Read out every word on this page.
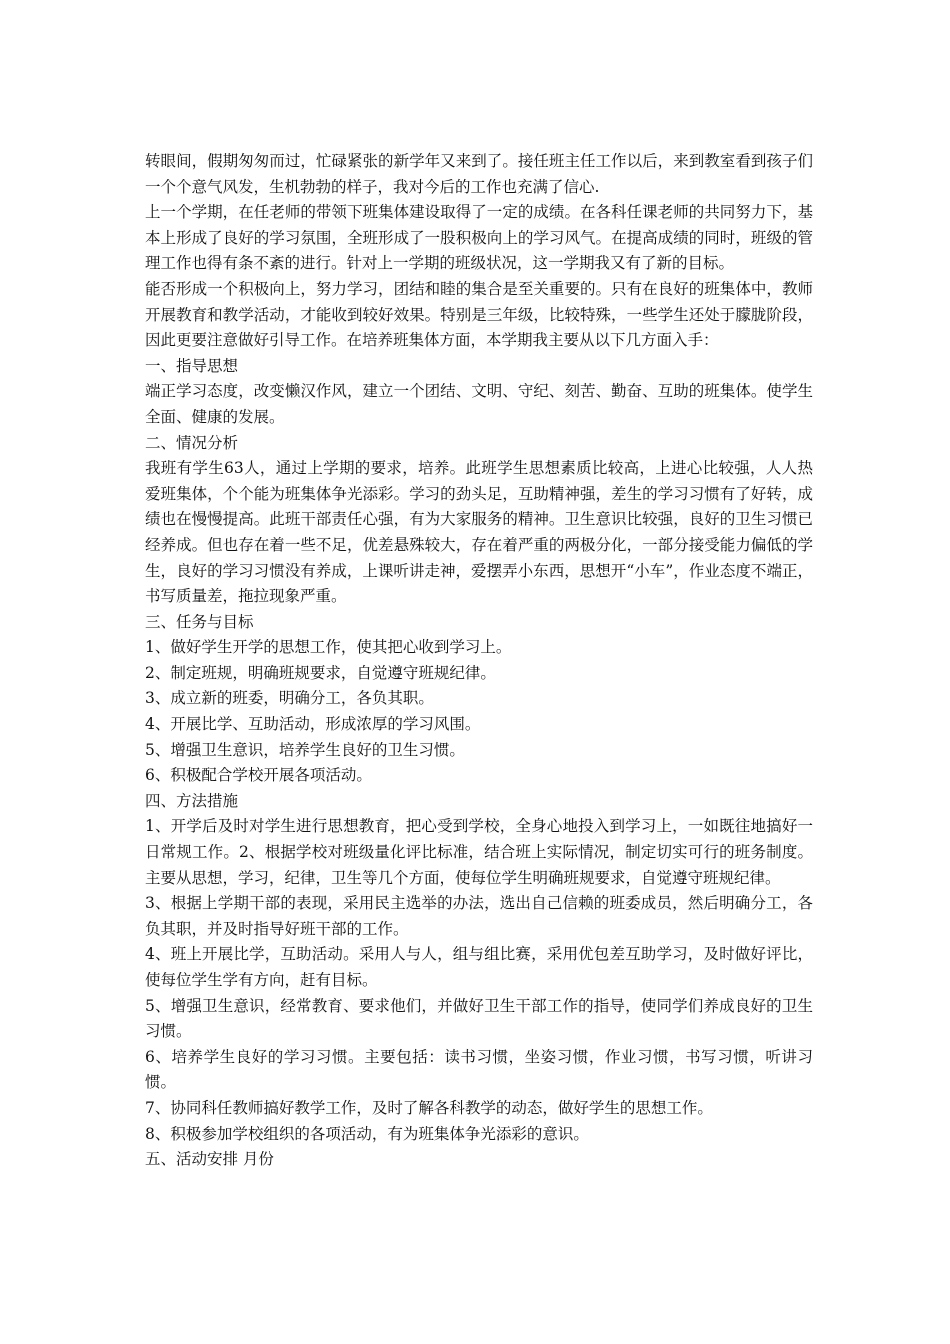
转眼间，假期匆匆而过，忙碌紧张的新学年又来到了。接任班主任工作以后，来到教室看到孩子们一个个意气风发，生机勃勃的样子，我对今后的工作也充满了信心.

上一个学期，在任老师的带领下班集体建设取得了一定的成绩。在各科任课老师的共同努力下，基本上形成了良好的学习氛围，全班形成了一股积极向上的学习风气。在提高成绩的同时，班级的管理工作也得有条不紊的进行。针对上一学期的班级状况，这一学期我又有了新的目标。

能否形成一个积极向上，努力学习，团结和睦的集合是至关重要的。只有在良好的班集体中，教师开展教育和教学活动，才能收到较好效果。特别是三年级，比较特殊，一些学生还处于朦胧阶段，因此更要注意做好引导工作。在培养班集体方面，本学期我主要从以下几方面入手：

一、指导思想

端正学习态度，改变懒汉作风，建立一个团结、文明、守纪、刻苦、勤奋、互助的班集体。使学生全面、健康的发展。

二、情况分析

我班有学生63人，通过上学期的要求，培养。此班学生思想素质比较高，上进心比较强，人人热爱班集体，个个能为班集体争光添彩。学习的劲头足，互助精神强，差生的学习习惯有了好转，成绩也在慢慢提高。此班干部责任心强，有为大家服务的精神。卫生意识比较强，良好的卫生习惯已经养成。但也存在着一些不足，优差悬殊较大，存在着严重的两极分化，一部分接受能力偏低的学生，良好的学习习惯没有养成，上课听讲走神，爱摆弄小东西，思想开“小车”，作业态度不端正，书写质量差，拖拉现象严重。

三、任务与目标

1、做好学生开学的思想工作，使其把心收到学习上。

2、制定班规，明确班规要求，自觉遵守班规纪律。

3、成立新的班委，明确分工，各负其职。

4、开展比学、互助活动，形成浓厚的学习风围。

5、增强卫生意识，培养学生良好的卫生习惯。

6、积极配合学校开展各项活动。

四、方法措施

1、开学后及时对学生进行思想教育，把心受到学校，全身心地投入到学习上，一如既往地搞好一日常规工作。2、根据学校对班级量化评比标准，结合班上实际情况，制定切实可行的班务制度。主要从思想，学习，纪律，卫生等几个方面，使每位学生明确班规要求，自觉遵守班规纪律。

3、根据上学期干部的表现，采用民主选举的办法，选出自己信赖的班委成员，然后明确分工，各负其职，并及时指导好班干部的工作。

4、班上开展比学，互助活动。采用人与人，组与组比赛，采用优包差互助学习，及时做好评比，使每位学生学有方向，赶有目标。

5、增强卫生意识，经常教育、要求他们，并做好卫生干部工作的指导，使同学们养成良好的卫生习惯。

6、培养学生良好的学习习惯。主要包括：读书习惯，坐姿习惯，作业习惯，书写习惯，听讲习惯。

7、协同科任教师搞好教学工作，及时了解各科教学的动态，做好学生的思想工作。

8、积极参加学校组织的各项活动，有为班集体争光添彩的意识。

五、活动安排 月份
